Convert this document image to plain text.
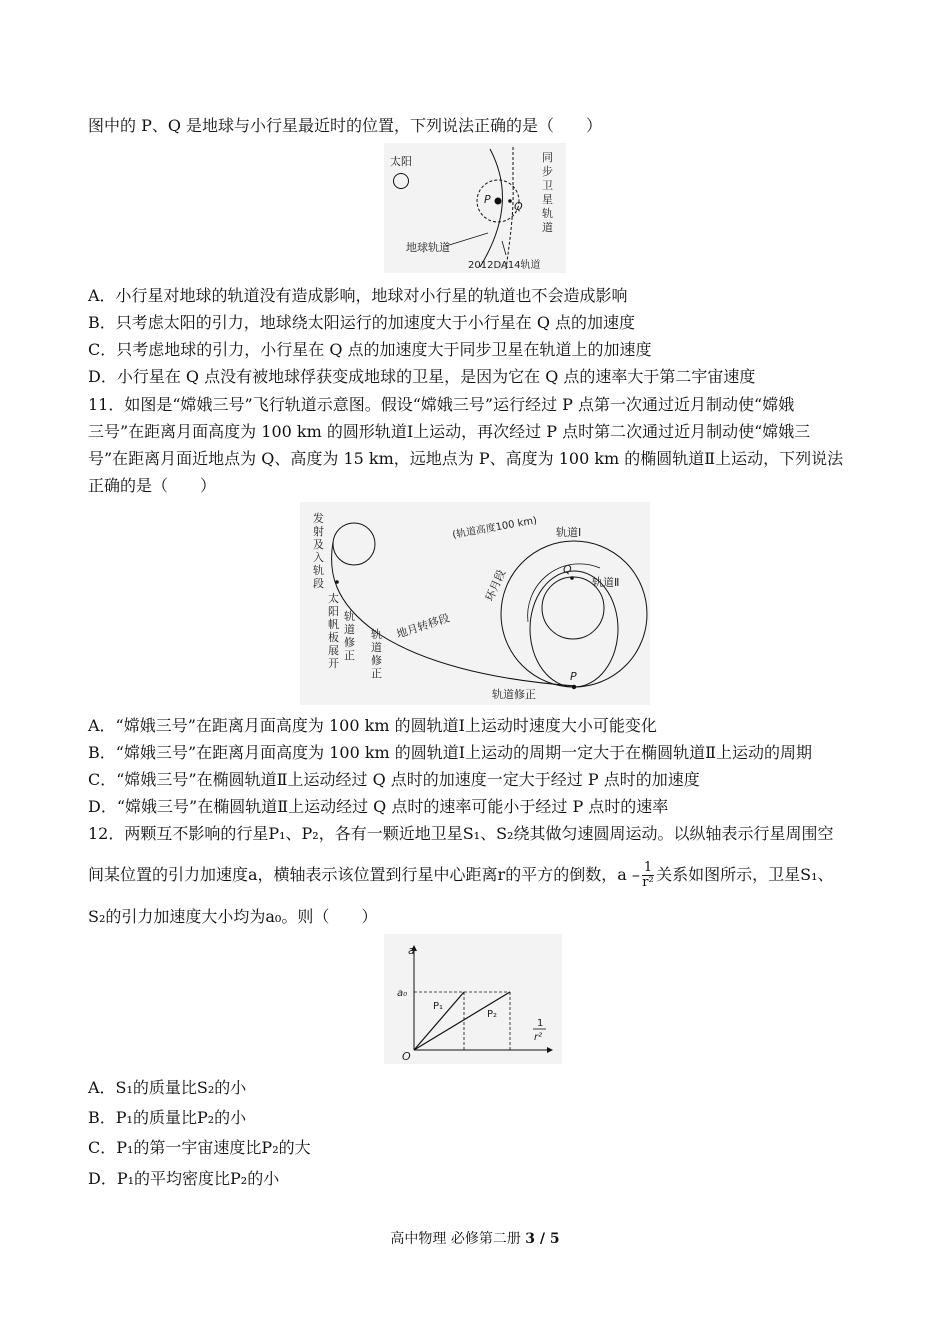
图中的 P、Q 是地球与小行星最近时的位置，下列说法正确的是（　　）
太阳
P
Q
同步卫 星轨道
地球轨道
2012DA14轨道
A．小行星对地球的轨道没有造成影响，地球对小行星的轨道也不会造成影响
B．只考虑太阳的引力，地球绕太阳运行的加速度大于小行星在 Q 点的加速度
C．只考虑地球的引力，小行星在 Q 点的加速度大于同步卫星在轨道上的加速度
D．小行星在 Q 点没有被地球俘获变成地球的卫星，是因为它在 Q 点的速率大于第二宇宙速度
11．如图是“嫦娥三号”飞行轨道示意图。假设“嫦娥三号”运行经过 P 点第一次通过近月制动使“嫦娥
三号”在距离月面高度为 100 km 的圆形轨道Ⅰ上运动，再次经过 P 点时第二次通过近月制动使“嫦娥三
号”在距离月面近地点为 Q、高度为 15 km，远地点为 P、高度为 100 km 的椭圆轨道Ⅱ上运动，下列说法
正确的是（　　）
发射及 入轨段
太阳帆 板展开
轨道修正
轨道修正
地月转移段
(轨道高度100 km) 轨道Ⅰ
轨道Ⅱ
环月段	Q
P
轨道修正
A．“嫦娥三号”在距离月面高度为 100 km 的圆轨道Ⅰ上运动时速度大小可能变化
B．“嫦娥三号”在距离月面高度为 100 km 的圆轨道Ⅰ上运动的周期一定大于在椭圆轨道Ⅱ上运动的周期
C．“嫦娥三号”在椭圆轨道Ⅱ上运动经过 Q 点时的加速度一定大于经过 P 点时的加速度
D．“嫦娥三号”在椭圆轨道Ⅱ上运动经过 Q 点时的速率可能小于经过 P 点时的速率
12．两颗互不影响的行星P₁、P₂，各有一颗近地卫星S₁、S₂绕其做匀速圆周运动。以纵轴表示行星周围空
间某位置的引力加速度a，横轴表示该位置到行星中心距离r的平方的倒数，a – $\frac{1}{\text{r²}}$ 关系如图所示，卫星S₁、
S₂的引力加速度大小均为a₀。则（　　）
a
a₀
O
P₁
P₂
1
r²
A．S₁的质量比S₂的小
B．P₁的质量比P₂的小
C．P₁的第一宇宙速度比P₂的大
D．P₁的平均密度比P₂的小
高中物理 必修第二册 3 / 5
